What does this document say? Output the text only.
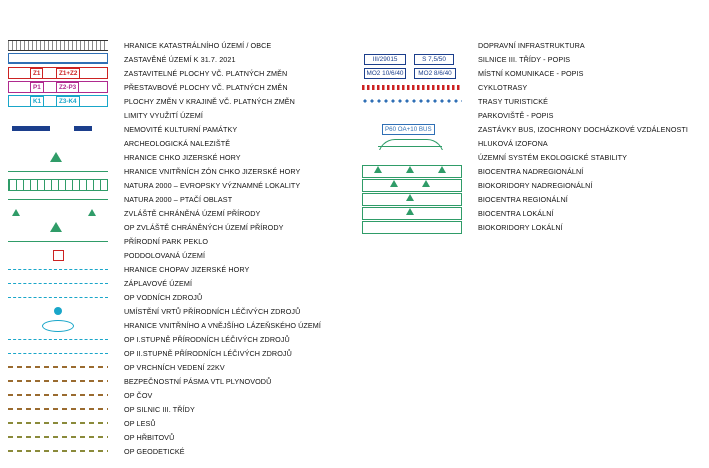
HRANICE KATASTRÁLNÍHO ÚZEMÍ / OBCE
ZASTAVĚNÉ ÚZEMÍ K 31.7. 2021
Z1	Z1+Z2	ZASTAVITELNÉ PLOCHY VČ. PLATNÝCH ZMĚN
P1	Z2-P3	PŘESTAVBOVÉ PLOCHY VČ. PLATNÝCH ZMĚN
K1	Z3-K4	PLOCHY ZMĚN V KRAJINĚ VČ. PLATNÝCH ZMĚN
LIMITY VYUŽITÍ ÚZEMÍ
NEMOVITÉ KULTURNÍ PAMÁTKY
ARCHEOLOGICKÁ NALEZIŠTĚ
HRANICE CHKO JIZERSKÉ HORY
HRANICE VNITŘNÍCH ZÓN CHKO JIZERSKÉ HORY
NATURA 2000 – EVROPSKY VÝZNAMNÉ LOKALITY
NATURA 2000 – PTAČÍ OBLAST
ZVLÁŠTĚ CHRÁNĚNÁ ÚZEMÍ PŘÍRODY
OP ZVLÁŠTĚ CHRÁNĚNÝCH ÚZEMÍ PŘÍRODY
PŘÍRODNÍ PARK PEKLO
PODDOLOVANÁ ÚZEMÍ
HRANICE CHOPAV JIZERSKÉ HORY
ZÁPLAVOVÉ ÚZEMÍ
OP VODNÍCH ZDROJŮ
UMÍSTĚNÍ VRTŮ PŘÍRODNÍCH LÉČIVÝCH ZDROJŮ
HRANICE VNITŘNÍHO A VNĚJŠÍHO LÁZEŇSKÉHO ÚZEMÍ
OP I.STUPNĚ PŘÍRODNÍCH LÉČIVÝCH ZDROJŮ
OP II.STUPNĚ PŘÍRODNÍCH LÉČIVÝCH ZDROJŮ
OP VRCHNÍCH VEDENÍ 22KV
BEZPEČNOSTNÍ PÁSMA VTL PLYNOVODŮ
OP ČOV
OP SILNIC III. TŘÍDY
OP LESŮ
OP HŘBITOVŮ
OP GEODETICKÉ
DOPRAVNÍ INFRASTRUKTURA
III/29015	S 7,5/50	SILNICE III. TŘÍDY - POPIS
MO2 10/6/40	MO2 8/6/40	MÍSTNÍ KOMUNIKACE - POPIS
CYKLOTRASY
TRASY TURISTICKÉ
PARKOVIŠTĚ - POPIS
P60 OA+10 BUS	ZASTÁVKY BUS, IZOCHRONY DOCHÁZKOVÉ VZDÁLENOSTI
HLUKOVÁ IZOFONA
ÚZEMNÍ SYSTÉM EKOLOGICKÉ STABILITY
BIOCENTRA NADREGIONÁLNÍ
BIOKORIDORY NADREGIONÁLNÍ
BIOCENTRA REGIONÁLNÍ
BIOCENTRA LOKÁLNÍ
BIOKORIDORY LOKÁLNÍ
